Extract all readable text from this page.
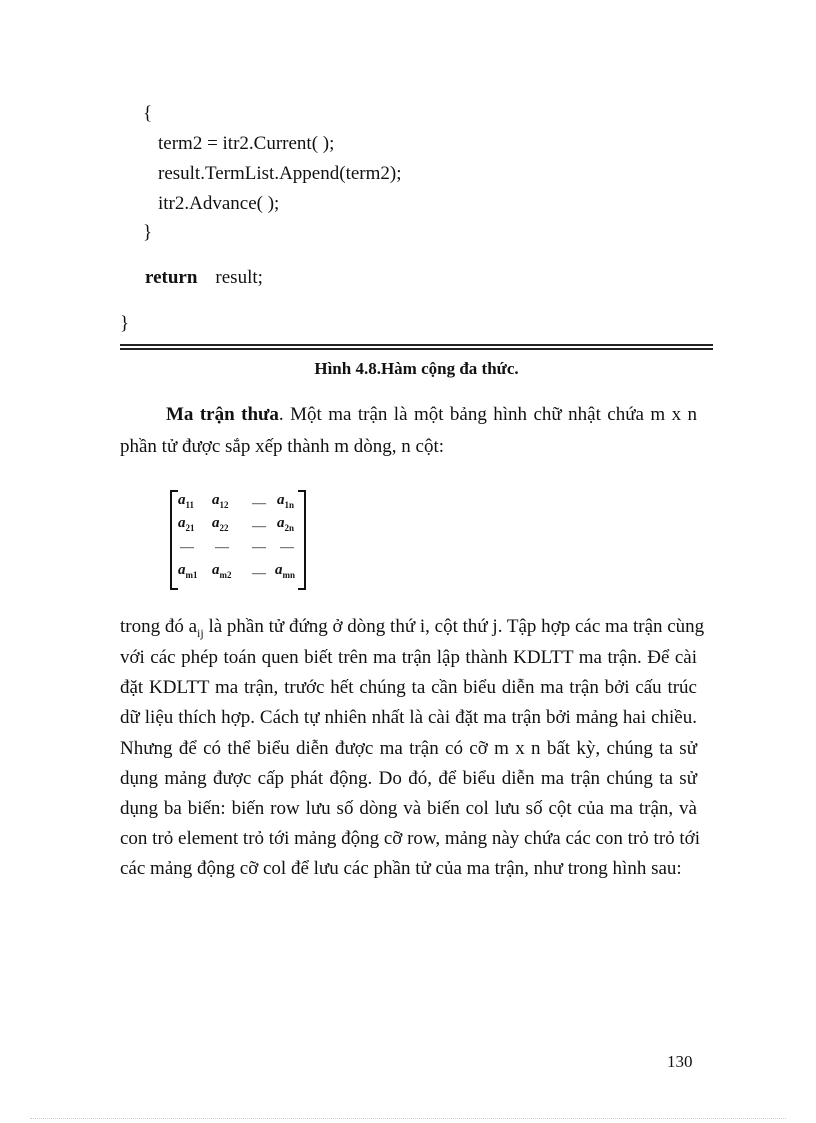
{
term2 = itr2.Current( );
result.TermList.Append(term2);
itr2.Advance( );
}
return result;
}
Hình 4.8.Hàm cộng đa thức.
Ma trận thưa. Một ma trận là một bảng hình chữ nhật chứa m x n
phần tử được sắp xếp thành m dòng, n cột:
$a_{11}$ $a_{12}$ — $a_{1n}$
$a_{21}$ $a_{22}$ — $a_{2n}$
— — — —
$a_{m1}$ $a_{m2}$ — $a_{mn}$
trong đó $a_{ij}$ là phần tử đứng ở dòng thứ i, cột thứ j. Tập hợp các ma trận cùng
với các phép toán quen biết trên ma trận lập thành KDLTT ma trận. Để cài
đặt KDLTT ma trận, trước hết chúng ta cần biểu diễn ma trận bởi cấu trúc
dữ liệu thích hợp. Cách tự nhiên nhất là cài đặt ma trận bởi mảng hai chiều.
Nhưng để có thể biểu diễn được ma trận có cỡ m x n bất kỳ, chúng ta sử
dụng mảng được cấp phát động. Do đó, để biểu diễn ma trận chúng ta sử
dụng ba biến: biến row lưu số dòng và biến col lưu số cột của ma trận, và
con trỏ element trỏ tới mảng động cỡ row, mảng này chứa các con trỏ trỏ tới
các mảng động cỡ col để lưu các phần tử của ma trận, như trong hình sau:
130
